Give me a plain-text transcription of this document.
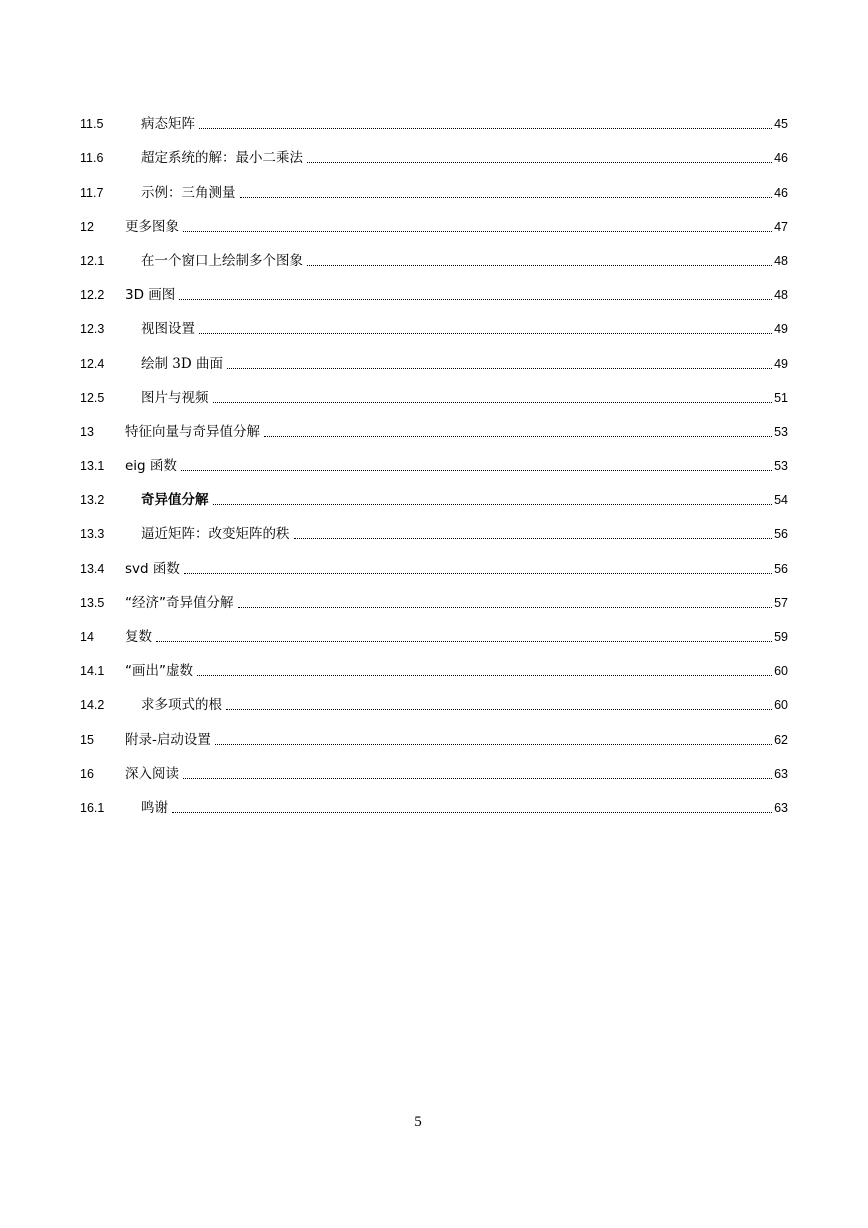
11.5	病态矩阵	45
11.6	超定系统的解：最小二乘法	46
11.7	示例：三角测量	46
12	更多图象	47
12.1	在一个窗口上绘制多个图象	48
12.2	3D 画图	48
12.3	视图设置	49
12.4	绘制 3D 曲面	49
12.5	图片与视频	51
13	特征向量与奇异值分解	53
13.1	eig 函数	53
13.2	奇异值分解	54
13.3	逼近矩阵：改变矩阵的秩	56
13.4	svd 函数	56
13.5	“经济”奇异值分解	57
14	复数	59
14.1	“画出”虚数	60
14.2	求多项式的根	60
15	附录-启动设置	62
16	深入阅读	63
16.1	鸣谢	63
5
